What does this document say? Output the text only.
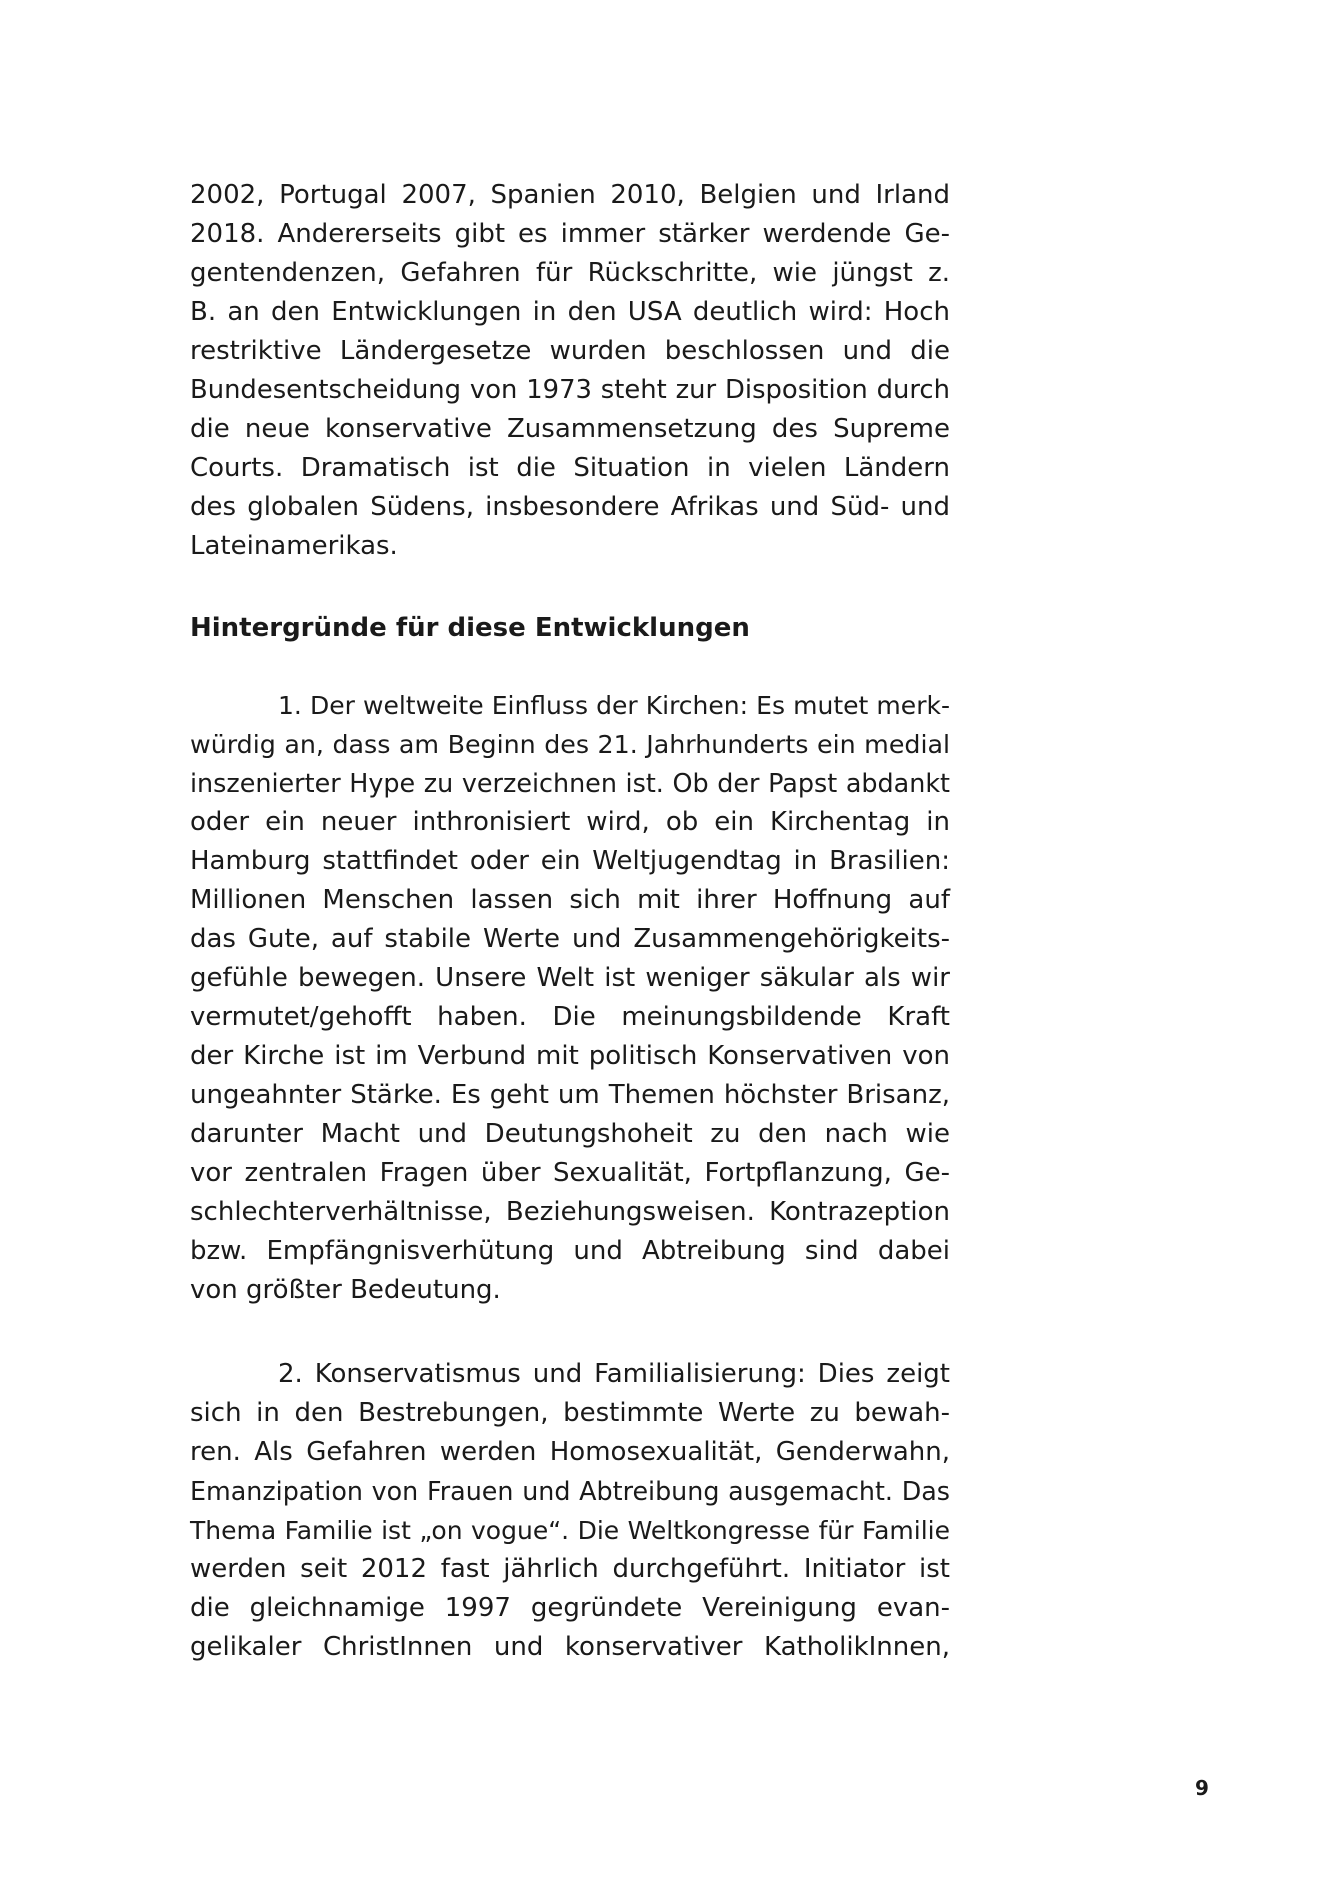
2002, Portugal 2007, Spanien 2010, Belgien und Irland
2018. Andererseits gibt es immer stärker werdende Ge-
gentendenzen, Gefahren für Rückschritte, wie jüngst z.
B. an den Entwicklungen in den USA deutlich wird: Hoch
restriktive Ländergesetze wurden beschlossen und die
Bundesentscheidung von 1973 steht zur Disposition durch
die neue konservative Zusammensetzung des Supreme
Courts. Dramatisch ist die Situation in vielen Ländern
des globalen Südens, insbesondere Afrikas und Süd- und
Lateinamerikas.
Hintergründe für diese Entwicklungen
1. Der weltweite Einfluss der Kirchen: Es mutet merk-
würdig an, dass am Beginn des 21. Jahrhunderts ein medial
inszenierter Hype zu verzeichnen ist. Ob der Papst abdankt
oder ein neuer inthronisiert wird, ob ein Kirchentag in
Hamburg stattfindet oder ein Weltjugendtag in Brasilien:
Millionen Menschen lassen sich mit ihrer Hoffnung auf
das Gute, auf stabile Werte und Zusammengehörigkeits-
gefühle bewegen. Unsere Welt ist weniger säkular als wir
vermutet/gehofft haben. Die meinungsbildende Kraft
der Kirche ist im Verbund mit politisch Konservativen von
ungeahnter Stärke. Es geht um Themen höchster Brisanz,
darunter Macht und Deutungshoheit zu den nach wie
vor zentralen Fragen über Sexualität, Fortpflanzung, Ge-
schlechterverhältnisse, Beziehungsweisen. Kontrazeption
bzw. Empfängnisverhütung und Abtreibung sind dabei
von größter Bedeutung.
2. Konservatismus und Familialisierung: Dies zeigt
sich in den Bestrebungen, bestimmte Werte zu bewah-
ren. Als Gefahren werden Homosexualität, Genderwahn,
Emanzipation von Frauen und Abtreibung ausgemacht. Das
Thema Familie ist „on vogue“. Die Weltkongresse für Familie
werden seit 2012 fast jährlich durchgeführt. Initiator ist
die gleichnamige 1997 gegründete Vereinigung evan-
gelikaler ChristInnen und konservativer KatholikInnen,
9
